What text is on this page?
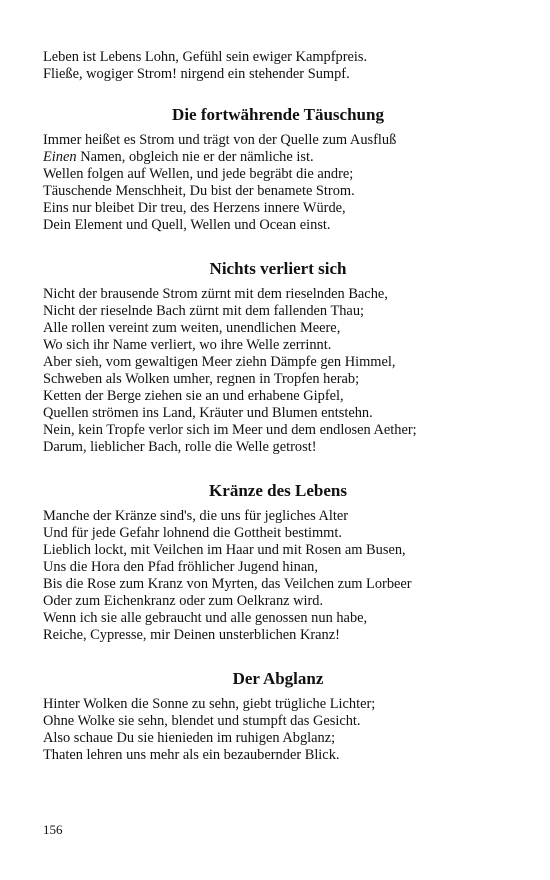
Leben ist Lebens Lohn, Gefühl sein ewiger Kampfpreis.
Fließe, wogiger Strom! nirgend ein stehender Sumpf.
Die fortwährende Täuschung
Immer heißet es Strom und trägt von der Quelle zum Ausfluß
Einen Namen, obgleich nie er der nämliche ist.
Wellen folgen auf Wellen, und jede begräbt die andre;
Täuschende Menschheit, Du bist der benamete Strom.
Eins nur bleibet Dir treu, des Herzens innere Würde,
Dein Element und Quell, Wellen und Ocean einst.
Nichts verliert sich
Nicht der brausende Strom zürnt mit dem rieselnden Bache,
Nicht der rieselnde Bach zürnt mit dem fallenden Thau;
Alle rollen vereint zum weiten, unendlichen Meere,
Wo sich ihr Name verliert, wo ihre Welle zerrinnt.
Aber sieh, vom gewaltigen Meer ziehn Dämpfe gen Himmel,
Schweben als Wolken umher, regnen in Tropfen herab;
Ketten der Berge ziehen sie an und erhabene Gipfel,
Quellen strömen ins Land, Kräuter und Blumen entstehn.
Nein, kein Tropfe verlor sich im Meer und dem endlosen Aether;
Darum, lieblicher Bach, rolle die Welle getrost!
Kränze des Lebens
Manche der Kränze sind's, die uns für jegliches Alter
Und für jede Gefahr lohnend die Gottheit bestimmt.
Lieblich lockt, mit Veilchen im Haar und mit Rosen am Busen,
Uns die Hora den Pfad fröhlicher Jugend hinan,
Bis die Rose zum Kranz von Myrten, das Veilchen zum Lorbeer
Oder zum Eichenkranz oder zum Oelkranz wird.
Wenn ich sie alle gebraucht und alle genossen nun habe,
Reiche, Cypresse, mir Deinen unsterblichen Kranz!
Der Abglanz
Hinter Wolken die Sonne zu sehn, giebt trügliche Lichter;
Ohne Wolke sie sehn, blendet und stumpft das Gesicht.
Also schaue Du sie hienieden im ruhigen Abglanz;
Thaten lehren uns mehr als ein bezaubernder Blick.
156
